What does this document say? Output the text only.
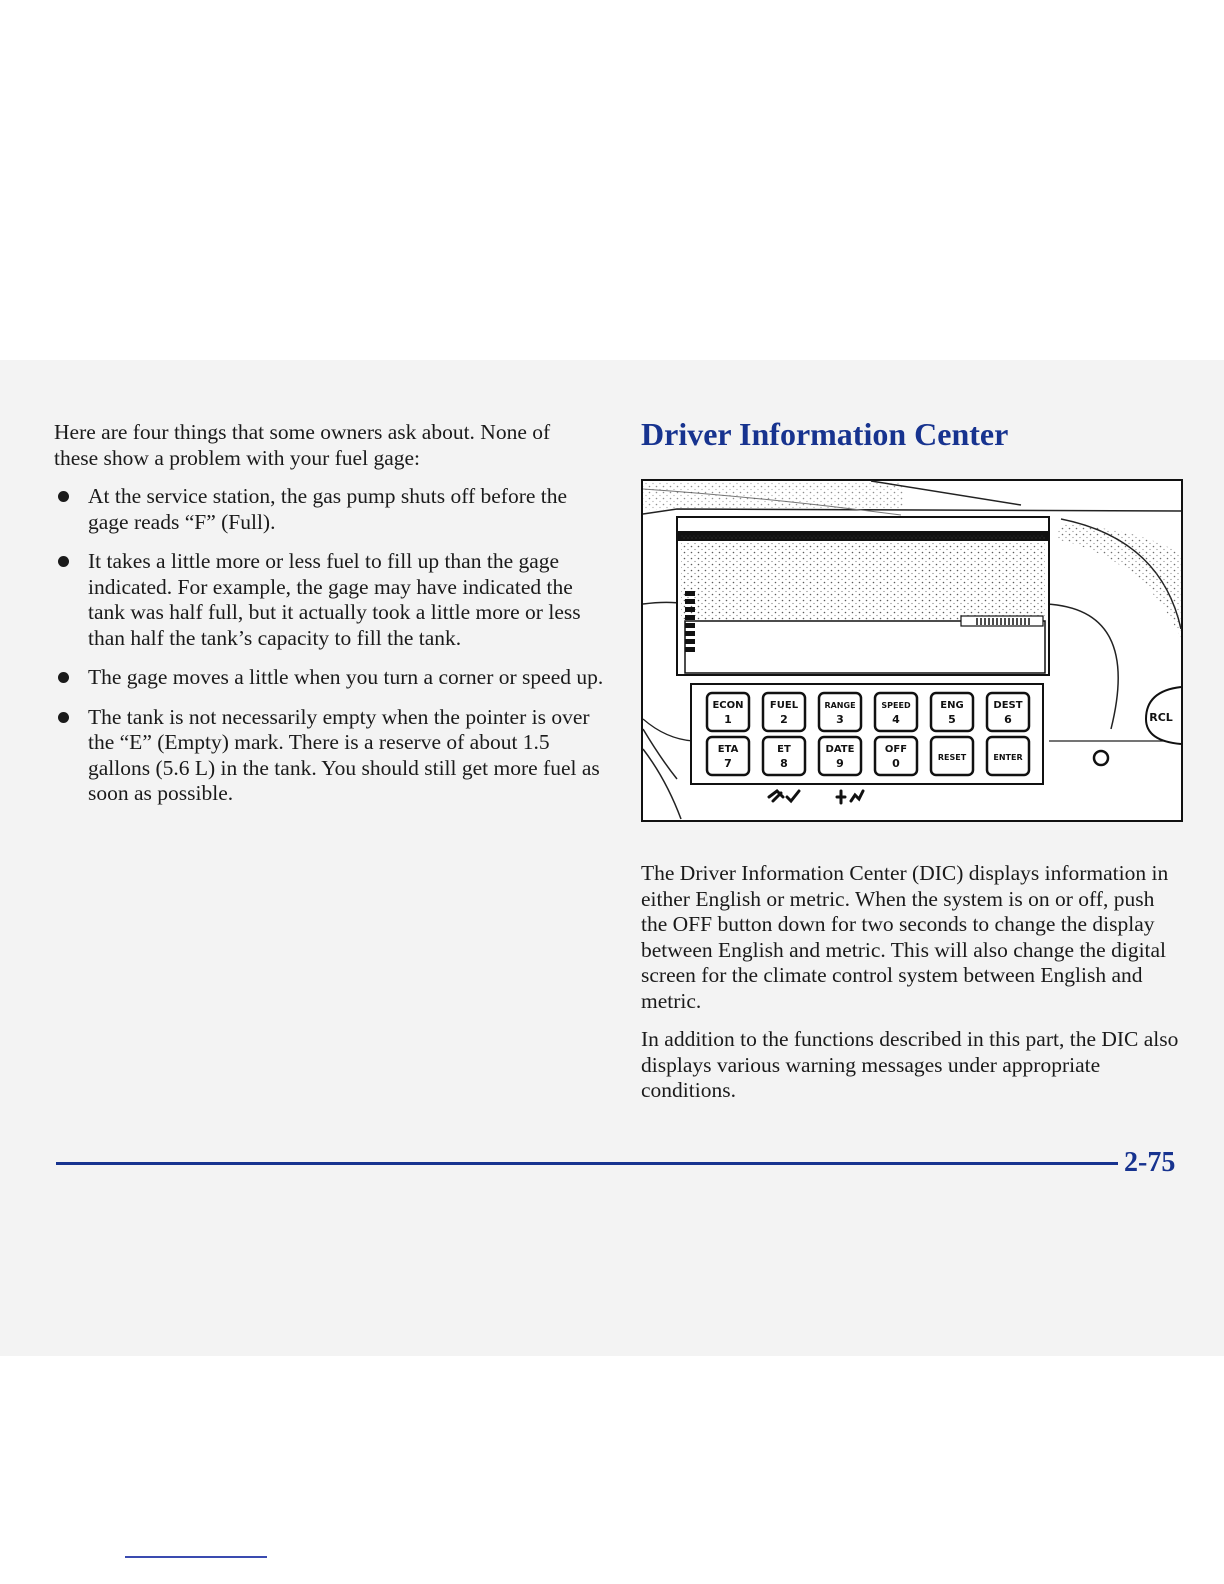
Here are four things that some owners ask about. None of these show a problem with your fuel gage:

At the service station, the gas pump shuts off before the gage reads “F” (Full).
It takes a little more or less fuel to fill up than the gage indicated. For example, the gage may have indicated the tank was half full, but it actually took a little more or less than half the tank’s capacity to fill the tank.
The gage moves a little when you turn a corner or speed up.
The tank is not necessarily empty when the pointer is over the “E” (Empty) mark. There is a reserve of about 1.5 gallons (5.6 L) in the tank. You should still get more fuel as soon as possible.
Driver Information Center
ECON
1
FUEL
2
RANGE
3
SPEED
4
ENG
5
DEST
6
ETA
7
ET
8
DATE
9
OFF
0	RESET	ENTER
RCL

The Driver Information Center (DIC) displays information in either English or metric. When the system is on or off, push the OFF button down for two seconds to change the display between English and metric. This will also change the digital screen for the climate control system between English and metric.

In addition to the functions described in this part, the DIC also displays various warning messages under appropriate conditions.

2-75
